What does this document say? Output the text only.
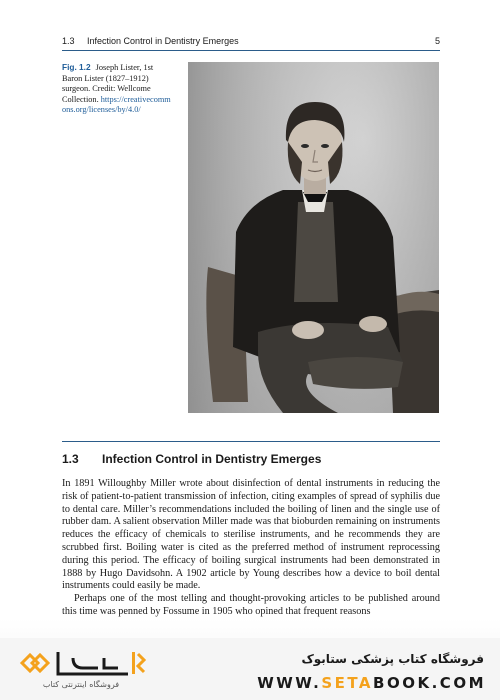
1.3 Infection Control in Dentistry Emerges	5
Fig. 1.2 Joseph Lister, 1st Baron Lister (1827–1912) surgeon. Credit: Wellcome Collection. https://creativecommons.org/licenses/by/4.0/
1.3 Infection Control in Dentistry Emerges

In 1891 Willoughby Miller wrote about disinfection of dental instruments in reducing the risk of patient-to-patient transmission of infection, citing examples of spread of syphilis due to dental care. Miller’s recommendations included the boiling of linen and the single use of rubber dam. A salient observation Miller made was that bioburden remaining on instruments reduces the efficacy of chemicals to sterilise instruments, and he recommends they are scrubbed first. Boiling water is cited as the preferred method of instrument reprocessing during this period. The efficacy of boiling surgical instruments had been demonstrated in 1888 by Hugo Davidsohn. A 1902 article by Young describes how a device to boil dental instruments could easily be made.

Perhaps one of the most telling and thought-provoking articles to be published around this time was penned by Fossume in 1905 who opined that frequent reasons

فروشگاه اینترنتی کتاب
فروشگاه کتاب پزشکی ستابوک
WWW.SETABOOK.COM
